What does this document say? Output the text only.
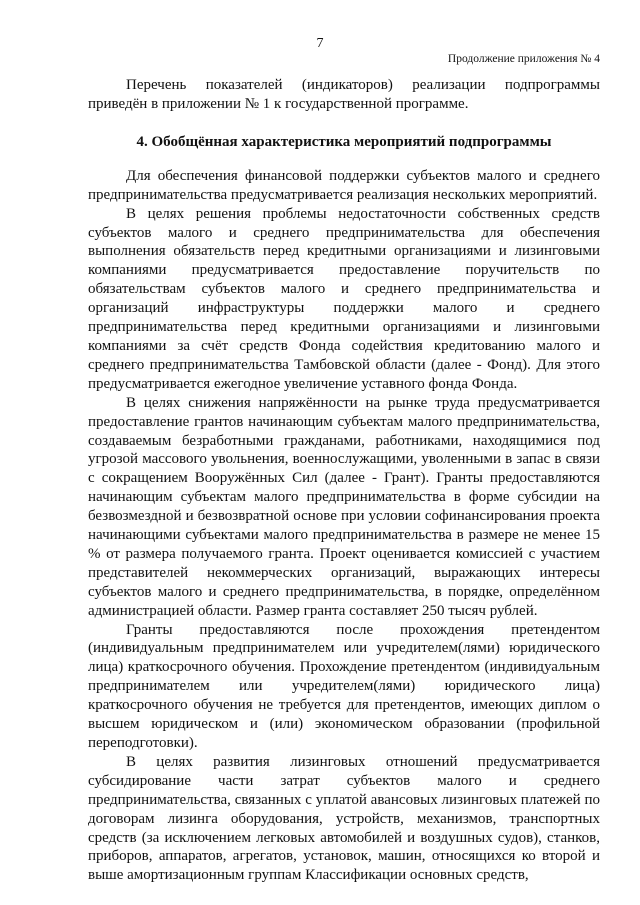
7
Продолжение приложения № 4

Перечень показателей (индикаторов) реализации подпрограммы приведён в приложении № 1 к государственной программе.

4. Обобщённая характеристика мероприятий подпрограммы

Для обеспечения финансовой поддержки субъектов малого и среднего предпринимательства предусматривается реализация нескольких мероприятий.

В целях решения проблемы недостаточности собственных средств субъектов малого и среднего предпринимательства для обеспечения выполнения обязательств перед кредитными организациями и лизинговыми компаниями предусматривается предоставление поручительств по обязательствам субъектов малого и среднего предпринимательства и организаций инфраструктуры поддержки малого и среднего предпринимательства перед кредитными организациями и лизинговыми компаниями за счёт средств Фонда содействия кредитованию малого и среднего предпринимательства Тамбовской области (далее - Фонд). Для этого предусматривается ежегодное увеличение уставного фонда Фонда.

В целях снижения напряжённости на рынке труда предусматривается предоставление грантов начинающим субъектам малого предпринимательства, создаваемым безработными гражданами, работниками, находящимися под угрозой массового увольнения, военнослужащими, уволенными в запас в связи с сокращением Вооружённых Сил (далее - Грант). Гранты предоставляются начинающим субъектам малого предпринимательства в форме субсидии на безвозмездной и безвозвратной основе при условии софинансирования проекта начинающими субъектами малого предпринимательства в размере не менее 15 % от размера получаемого гранта. Проект оценивается комиссией с участием представителей некоммерческих организаций, выражающих интересы субъектов малого и среднего предпринимательства, в порядке, определённом администрацией области. Размер гранта составляет 250 тысяч рублей.

Гранты предоставляются после прохождения претендентом (индивидуальным предпринимателем или учредителем(лями) юридического лица) краткосрочного обучения. Прохождение претендентом (индивидуальным предпринимателем или учредителем(лями) юридического лица) краткосрочного обучения не требуется для претендентов, имеющих диплом о высшем юридическом и (или) экономическом образовании (профильной переподготовки).

В целях развития лизинговых отношений предусматривается субсидирование части затрат субъектов малого и среднего предпринимательства, связанных с уплатой авансовых лизинговых платежей по договорам лизинга оборудования, устройств, механизмов, транспортных средств (за исключением легковых автомобилей и воздушных судов), станков, приборов, аппаратов, агрегатов, установок, машин, относящихся ко второй и выше амортизационным группам Классификации основных средств,
